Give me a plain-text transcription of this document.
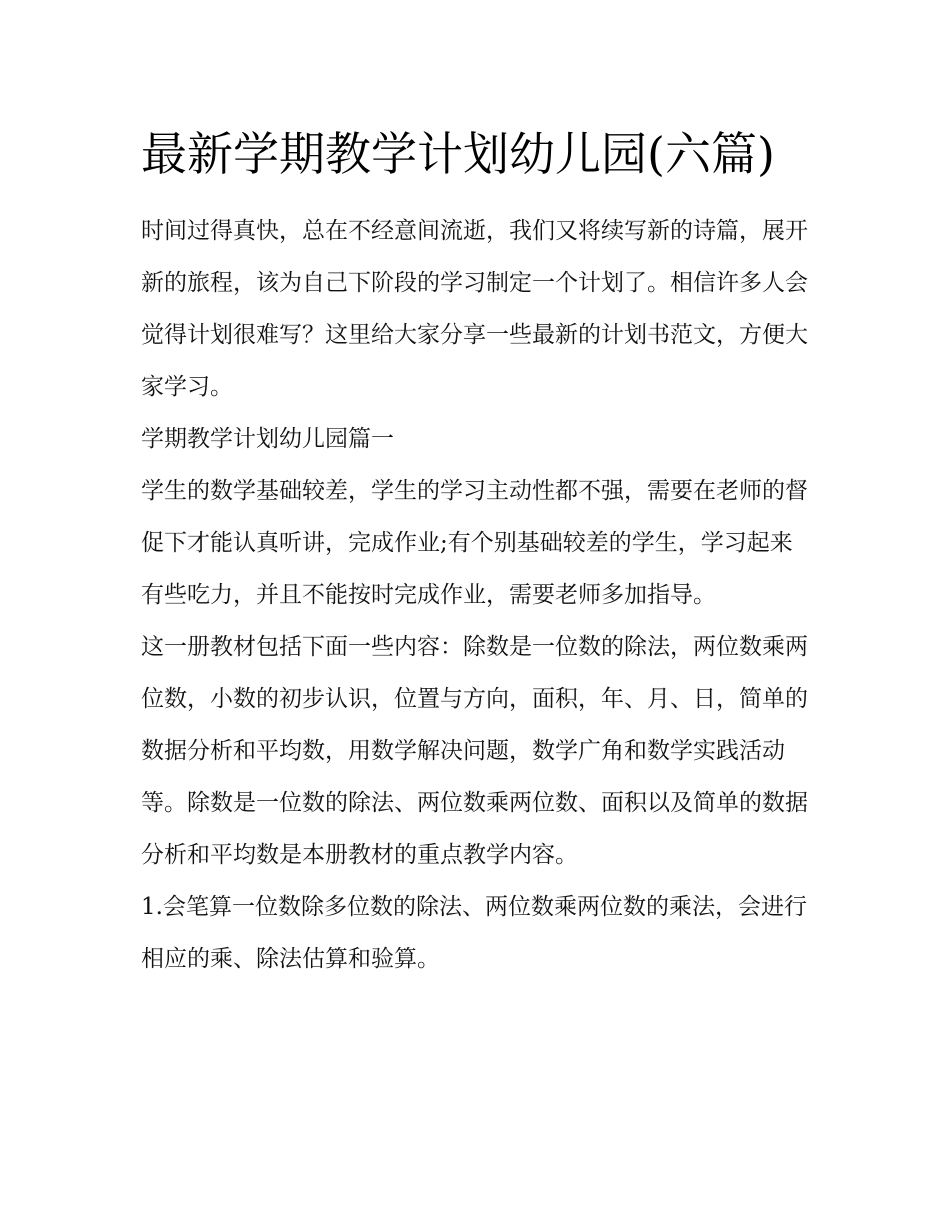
最新学期教学计划幼儿园(六篇)

时间过得真快，总在不经意间流逝，我们又将续写新的诗篇，展开新的旅程，该为自己下阶段的学习制定一个计划了。相信许多人会觉得计划很难写？这里给大家分享一些最新的计划书范文，方便大家学习。

学期教学计划幼儿园篇一

学生的数学基础较差，学生的学习主动性都不强，需要在老师的督促下才能认真听讲，完成作业;有个别基础较差的学生，学习起来有些吃力，并且不能按时完成作业，需要老师多加指导。

这一册教材包括下面一些内容：除数是一位数的除法，两位数乘两位数，小数的初步认识，位置与方向，面积，年、月、日，简单的数据分析和平均数，用数学解决问题，数学广角和数学实践活动等。除数是一位数的除法、两位数乘两位数、面积以及简单的数据分析和平均数是本册教材的重点教学内容。

1.会笔算一位数除多位数的除法、两位数乘两位数的乘法，会进行相应的乘、除法估算和验算。
